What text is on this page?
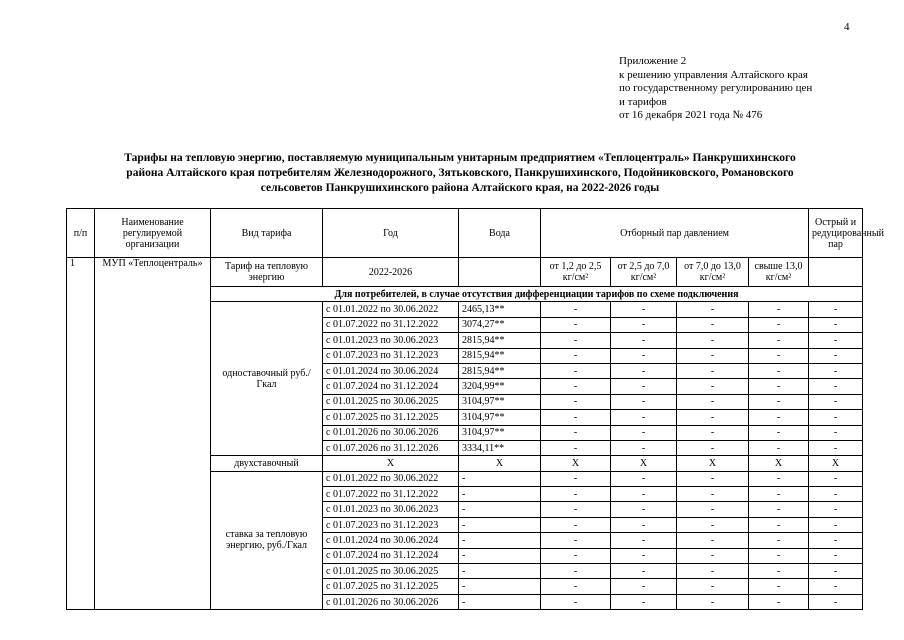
4
Приложение 2
к решению управления Алтайского края
по государственному регулированию цен
и тарифов
от 16 декабря 2021 года № 476
Тарифы на тепловую энергию, поставляемую муниципальным унитарным предприятием «Теплоцентраль» Панкрушихинского
района Алтайского края потребителям Железнодорожного, Зятьковского, Панкрушихинского, Подойниковского, Романовского
сельсоветов Панкрушихинского района Алтайского края, на 2022-2026 годы
п/п	Наименование регулируемой организации	Вид тарифа	Год	Вода	Отборный пар давлением				Острый и редуцированный пар
1	МУП «Теплоцентраль»	Тариф на тепловую энергию	2022-2026		от 1,2 до 2,5 кг/см²	от 2,5 до 7,0 кг/см²	от 7,0 до 13,0 кг/см²	свыше 13,0 кг/см²	
		Для потребителей, в случае отсутствия дифференциации тарифов по схеме подключения							
		одноставочный руб./Гкал	с 01.01.2022 по 30.06.2022	2465,13**	-	-	-	-	-
			с 01.07.2022 по 31.12.2022	3074,27**	-	-	-	-	-
			с 01.01.2023 по 30.06.2023	2815,94**	-	-	-	-	-
			с 01.07.2023 по 31.12.2023	2815,94**	-	-	-	-	-
			с 01.01.2024 по 30.06.2024	2815,94**	-	-	-	-	-
			с 01.07.2024 по 31.12.2024	3204,99**	-	-	-	-	-
			с 01.01.2025 по 30.06.2025	3104,97**	-	-	-	-	-
			с 01.07.2025 по 31.12.2025	3104,97**	-	-	-	-	-
			с 01.01.2026 по 30.06.2026	3104,97**	-	-	-	-	-
			с 01.07.2026 по 31.12.2026	3334,11**	-	-	-	-	-
		двухставочный	Х	Х	Х	Х	Х	Х	Х
		ставка за тепловую энергию, руб./Гкал	с 01.01.2022 по 30.06.2022	-	-	-	-	-	-
			с 01.07.2022 по 31.12.2022	-	-	-	-	-	-
			с 01.01.2023 по 30.06.2023	-	-	-	-	-	-
			с 01.07.2023 по 31.12.2023	-	-	-	-	-	-
			с 01.01.2024 по 30.06.2024	-	-	-	-	-	-
			с 01.07.2024 по 31.12.2024	-	-	-	-	-	-
			с 01.01.2025 по 30.06.2025	-	-	-	-	-	-
			с 01.07.2025 по 31.12.2025	-	-	-	-	-	-
			с 01.01.2026 по 30.06.2026	-	-	-	-	-	-
